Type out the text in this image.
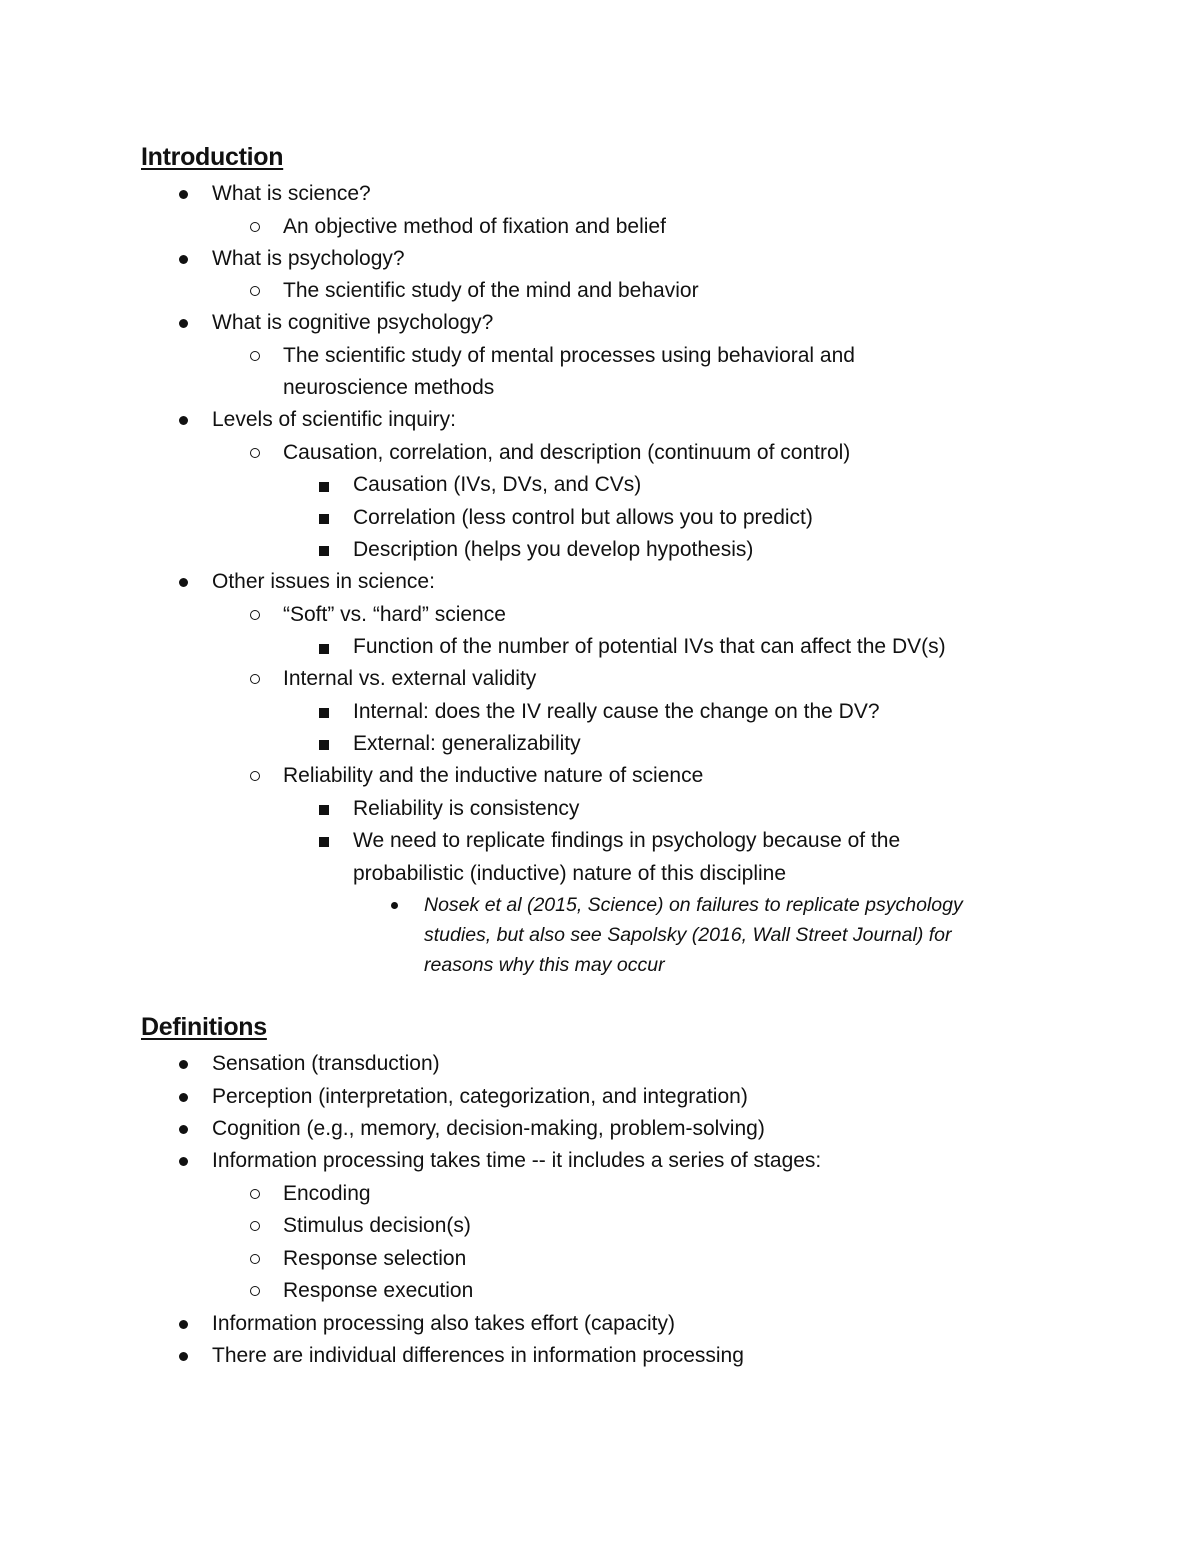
Introduction
What is science?
An objective method of fixation and belief
What is psychology?
The scientific study of the mind and behavior
What is cognitive psychology?
The scientific study of mental processes using behavioral and
neuroscience methods
Levels of scientific inquiry:
Causation, correlation, and description (continuum of control)
Causation (IVs, DVs, and CVs)
Correlation (less control but allows you to predict)
Description (helps you develop hypothesis)
Other issues in science:
“Soft” vs. “hard” science
Function of the number of potential IVs that can affect the DV(s)
Internal vs. external validity
Internal: does the IV really cause the change on the DV?
External: generalizability
Reliability and the inductive nature of science
Reliability is consistency
We need to replicate findings in psychology because of the
probabilistic (inductive) nature of this discipline
Nosek et al (2015, Science) on failures to replicate psychology
studies, but also see Sapolsky (2016, Wall Street Journal) for
reasons why this may occur
Definitions
Sensation (transduction)
Perception (interpretation, categorization, and integration)
Cognition (e.g., memory, decision-making, problem-solving)
Information processing takes time -- it includes a series of stages:
Encoding
Stimulus decision(s)
Response selection
Response execution
Information processing also takes effort (capacity)
There are individual differences in information processing
